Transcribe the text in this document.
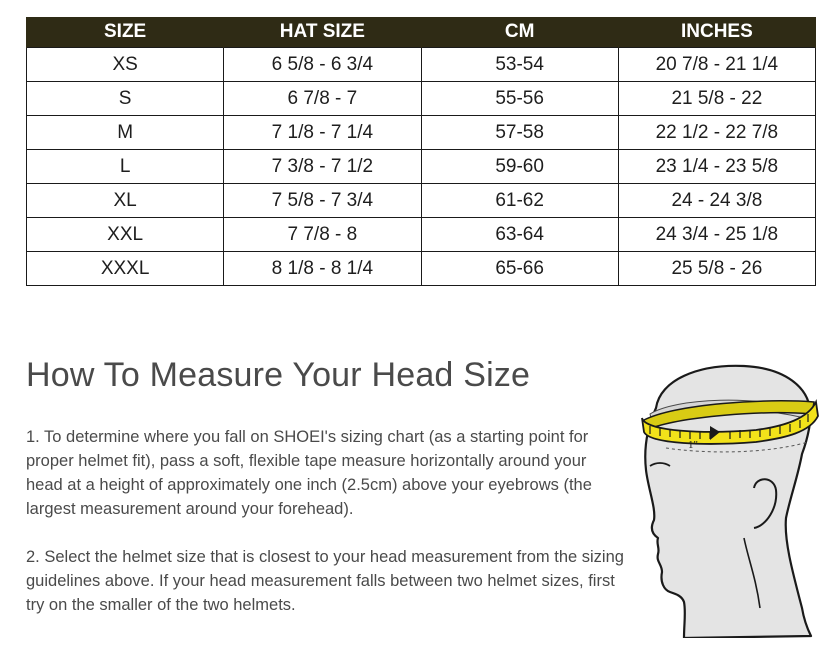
SIZE	HAT SIZE	CM	INCHES
XS	6 5/8 - 6 3/4	53-54	20 7/8 - 21 1/4
S	6 7/8 - 7	55-56	21 5/8 - 22
M	7 1/8 - 7 1/4	57-58	22 1/2 - 22 7/8
L	7 3/8 - 7 1/2	59-60	23 1/4 - 23 5/8
XL	7 5/8 - 7 3/4	61-62	24 - 24 3/8
XXL	7 7/8 - 8	63-64	24 3/4 - 25 1/8
XXXL	8 1/8 - 8 1/4	65-66	25 5/8 - 26
How To Measure Your Head Size

1. To determine where you fall on SHOEI's sizing chart (as a starting point for proper helmet fit), pass a soft, flexible tape measure horizontally around your head at a height of approximately one inch (2.5cm) above your eyebrows (the largest measurement around your forehead).

2. Select the helmet size that is closest to your head measurement from the sizing guidelines above. If your head measurement falls between two helmet sizes, first try on the smaller of the two helmets.

1"
